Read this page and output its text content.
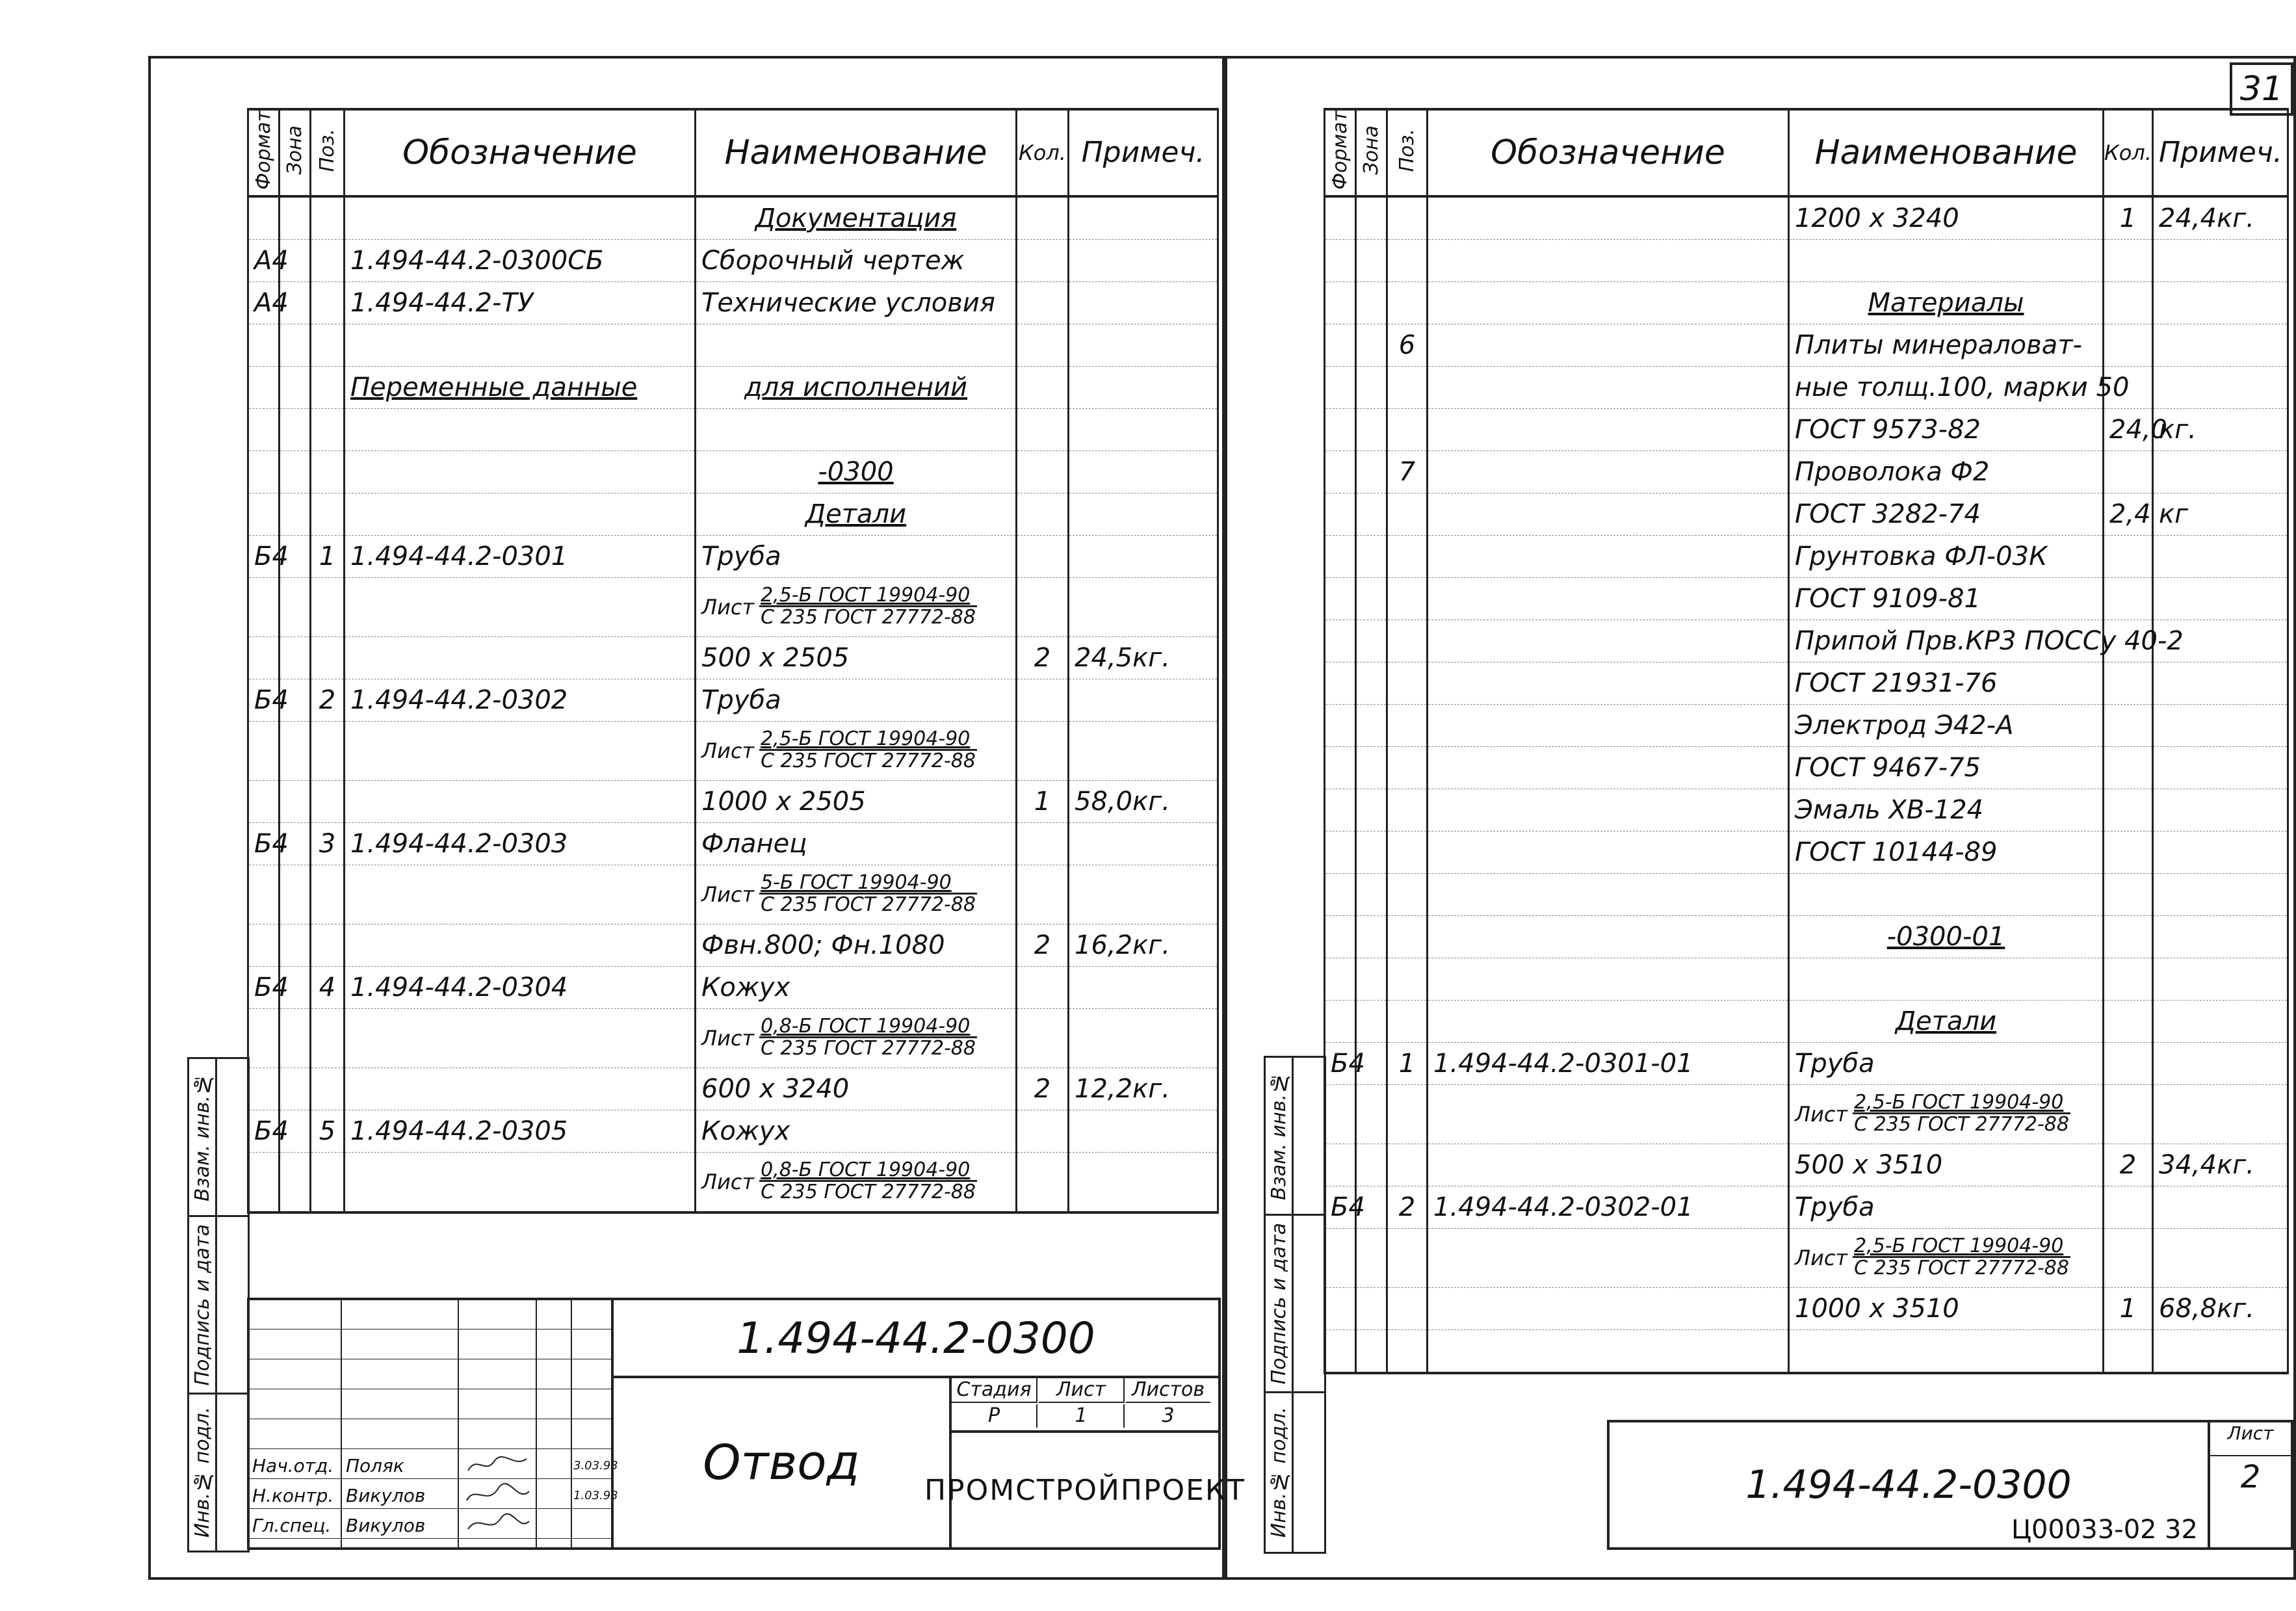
Формат	Зона	Поз.	Обозначение	Наименование	Кол.	Примеч.
				Документация		
А4			1.494-44.2-0300СБ	Сборочный чертеж		
А4			1.494-44.2-ТУ	Технические условия		

			Переменные данные	для исполнений		

				-0300		
				Детали		
Б4		1	1.494-44.2-0301	Труба		

				Лист $\frac{\text{2,5-Б ГОСТ 19904-90}}{\text{С 235 ГОСТ 27772-88}}$

				500 х 2505	2	24,5кг.
Б4		2	1.494-44.2-0302	Труба		

				Лист $\frac{\text{2,5-Б ГОСТ 19904-90}}{\text{С 235 ГОСТ 27772-88}}$

				1000 х 2505	1	58,0кг.
Б4		3	1.494-44.2-0303	Фланец		

				Лист $\frac{\text{5-Б ГОСТ 19904-90}}{\text{С 235 ГОСТ 27772-88}}$

				Фвн.800; Фн.1080	2	16,2кг.
Б4		4	1.494-44.2-0304	Кожух		

				Лист $\frac{\text{0,8-Б ГОСТ 19904-90}}{\text{С 235 ГОСТ 27772-88}}$

				600 х 3240	2	12,2кг.
Б4		5	1.494-44.2-0305	Кожух		

				Лист $\frac{\text{0,8-Б ГОСТ 19904-90}}{\text{С 235 ГОСТ 27772-88}}$

Взам. инв.№
Подпись и дата
Инв.№ подл. Нач.отд. Поляк	3.03.93
Н.контр. Викулов	1.03.93
Гл.спец. Викулов
1.494-44.2-0300
Отвод
Стадия	Лист	Листов
Р	1	3
ПРОМСТРОЙПРОЕКТ
Формат	Зона	Поз.	Обозначение	Наименование	Кол.	Примеч.
				1200 х 3240	1	24,4кг.

				Материалы		
		6		Плиты минераловат-		
				ные толщ.100, марки 50		
				ГОСТ 9573-82	24,0	кг.
		7		Проволока Ф2		
				ГОСТ 3282-74	2,4	кг
				Грунтовка ФЛ-03К		
				ГОСТ 9109-81		
				Припой Прв.КР3 ПОССу 40-2		
				ГОСТ 21931-76		
				Электрод Э42-А		
				ГОСТ 9467-75		
				Эмаль ХВ-124		
				ГОСТ 10144-89		

				-0300-01		

				Детали		
Б4		1	1.494-44.2-0301-01	Труба		

				Лист $\frac{\text{2,5-Б ГОСТ 19904-90}}{\text{С 235 ГОСТ 27772-88}}$

				500 х 3510	2	34,4кг.
Б4		2	1.494-44.2-0302-01	Труба		

				Лист $\frac{\text{2,5-Б ГОСТ 19904-90}}{\text{С 235 ГОСТ 27772-88}}$

				1000 х 3510	1	68,8кг.

Взам. инв.№
Подпись и дата
Инв.№ подл.	1.494-44.2-0300
Лист
2
31
Ц00033-02 32
